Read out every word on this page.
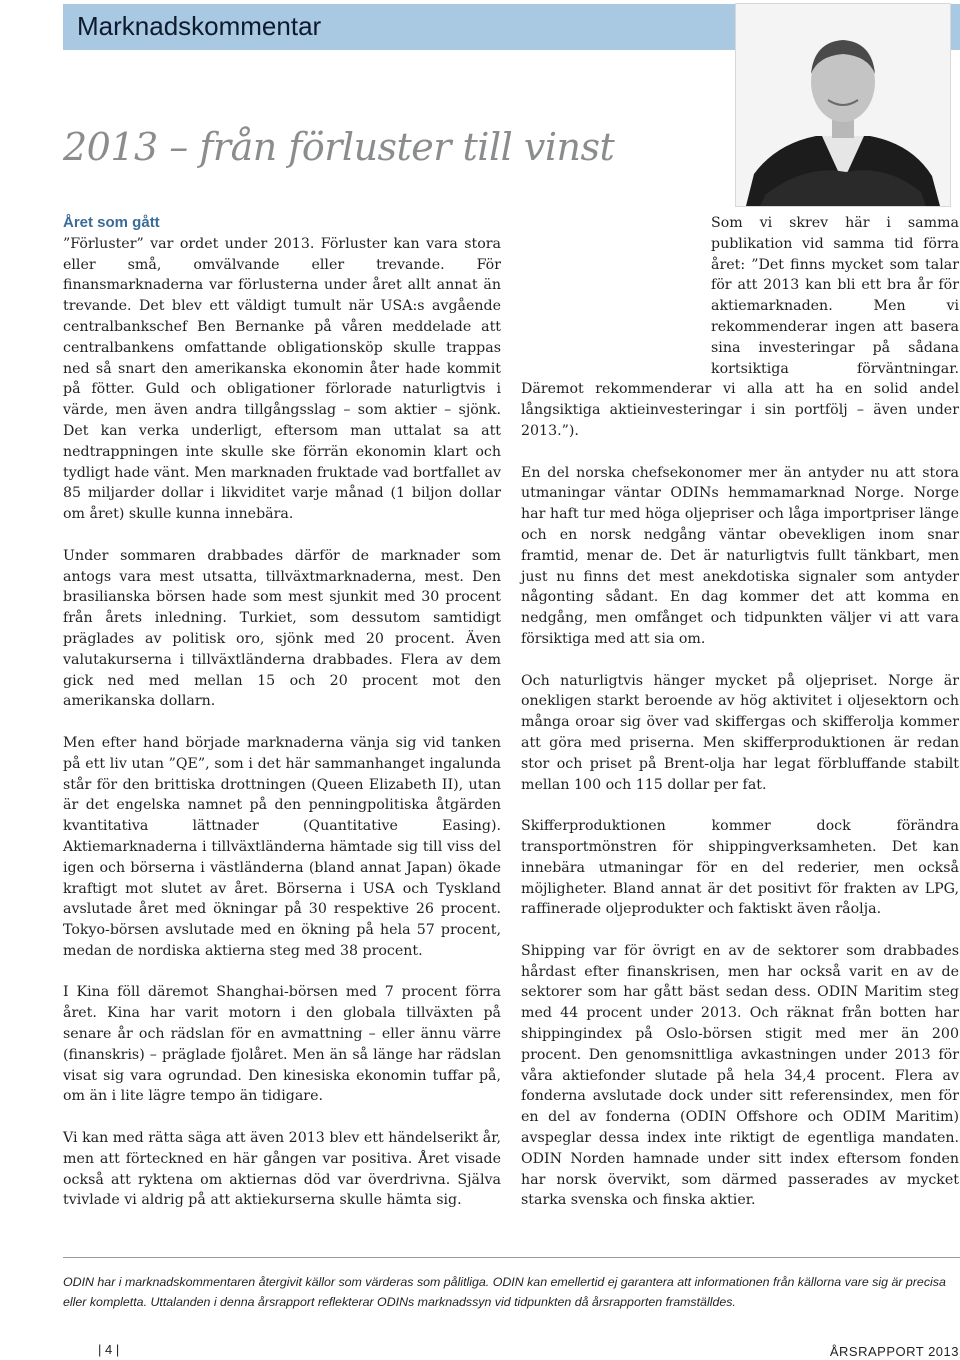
Marknadskommentar
2013 – från förluster till vinst
Året som gått

”Förluster” var ordet under 2013. Förluster kan vara stora eller små, omvälvande eller trevande. För finansmarknaderna var förlusterna under året allt annat än trevande. Det blev ett väldigt tumult när USA:s avgående centralbankschef Ben Bernanke på våren meddelade att centralbankens omfattande obligationsköp skulle trappas ned så snart den amerikanska ekonomin åter hade kommit på fötter. Guld och obligationer förlorade naturligtvis i värde, men även andra tillgångsslag – som aktier – sjönk. Det kan verka underligt, eftersom man uttalat sa att nedtrappningen inte skulle ske förrän ekonomin klart och tydligt hade vänt. Men marknaden fruktade vad bortfallet av 85 miljarder dollar i likviditet varje månad (1 biljon dollar om året) skulle kunna innebära.

Under sommaren drabbades därför de marknader som antogs vara mest utsatta, tillväxtmarknaderna, mest. Den brasilianska börsen hade som mest sjunkit med 30 procent från årets inledning. Turkiet, som dessutom samtidigt präglades av politisk oro, sjönk med 20 procent. Även valutakurserna i tillväxtländerna drabbades. Flera av dem gick ned med mellan 15 och 20 procent mot den amerikanska dollarn.

Men efter hand började marknaderna vänja sig vid tanken på ett liv utan ”QE”, som i det här sammanhanget ingalunda står för den brittiska drottningen (Queen Elizabeth II), utan är det engelska namnet på den penningpolitiska åtgärden kvantitativa lättnader (Quantitative Easing). Aktiemarknaderna i tillväxtländerna hämtade sig till viss del igen och börserna i västländerna (bland annat Japan) ökade kraftigt mot slutet av året. Börserna i USA och Tyskland avslutade året med ökningar på 30 respektive 26 procent. Tokyo-börsen avslutade med en ökning på hela 57 procent, medan de nordiska aktierna steg med 38 procent.

I Kina föll däremot Shanghai-börsen med 7 procent förra året. Kina har varit motorn i den globala tillväxten på senare år och rädslan för en avmattning – eller ännu värre (finanskris) – präglade fjolåret. Men än så länge har rädslan visat sig vara ogrundad. Den kinesiska ekonomin tuffar på, om än i lite lägre tempo än tidigare.

Vi kan med rätta säga att även 2013 blev ett händelserikt år, men att förteckned en här gången var positiva. Året visade också att ryktena om aktiernas död var överdrivna. Själva tvivlade vi aldrig på att aktiekurserna skulle hämta sig.

Som vi skrev här i samma publikation vid samma tid förra året: ”Det finns mycket som talar för att 2013 kan bli ett bra år för aktiemarknaden. Men vi rekommenderar ingen att basera sina investeringar på sådana kortsiktiga förväntningar. Däremot rekommenderar vi alla att ha en solid andel långsiktiga aktieinvesteringar i sin portfölj – även under 2013.”).

En del norska chefsekonomer mer än antyder nu att stora utmaningar väntar ODINs hemmamarknad Norge. Norge har haft tur med höga oljepriser och låga importpriser länge och en norsk nedgång väntar obevekligen inom snar framtid, menar de. Det är naturligtvis fullt tänkbart, men just nu finns det mest anekdotiska signaler som antyder någonting sådant. En dag kommer det att komma en nedgång, men omfånget och tidpunkten väljer vi att vara försiktiga med att sia om.

Och naturligtvis hänger mycket på oljepriset. Norge är onekligen starkt beroende av hög aktivitet i oljesektorn och många oroar sig över vad skiffergas och skifferolja kommer att göra med priserna. Men skifferproduktionen är redan stor och priset på Brent-olja har legat förbluffande stabilt mellan 100 och 115 dollar per fat.

Skifferproduktionen kommer dock förändra transportmönstren för shippingverksamheten. Det kan innebära utmaningar för en del rederier, men också möjligheter. Bland annat är det positivt för frakten av LPG, raffinerade oljeprodukter och faktiskt även råolja.

Shipping var för övrigt en av de sektorer som drabbades hårdast efter finanskrisen, men har också varit en av de sektorer som har gått bäst sedan dess. ODIN Maritim steg med 44 procent under 2013. Och räknat från botten har shippingindex på Oslo-börsen stigit med mer än 200 procent. Den genomsnittliga avkastningen under 2013 för våra aktiefonder slutade på hela 34,4 procent. Flera av fonderna avslutade dock under sitt referensindex, men för en del av fonderna (ODIN Offshore och ODIM Maritim) avspeglar dessa index inte riktigt de egentliga mandaten. ODIN Norden hamnade under sitt index eftersom fonden har norsk övervikt, som därmed passerades av mycket starka svenska och finska aktier.

ODIN har i marknadskommentaren återgivit källor som värderas som pålitliga. ODIN kan emellertid ej garantera att informationen från källorna vare sig är precisa eller kompletta. Uttalanden i denna årsrapport reflekterar ODINs marknadssyn vid tidpunkten då årsrapporten framställdes.
| 4 |	ÅRSRAPPORT 2013
